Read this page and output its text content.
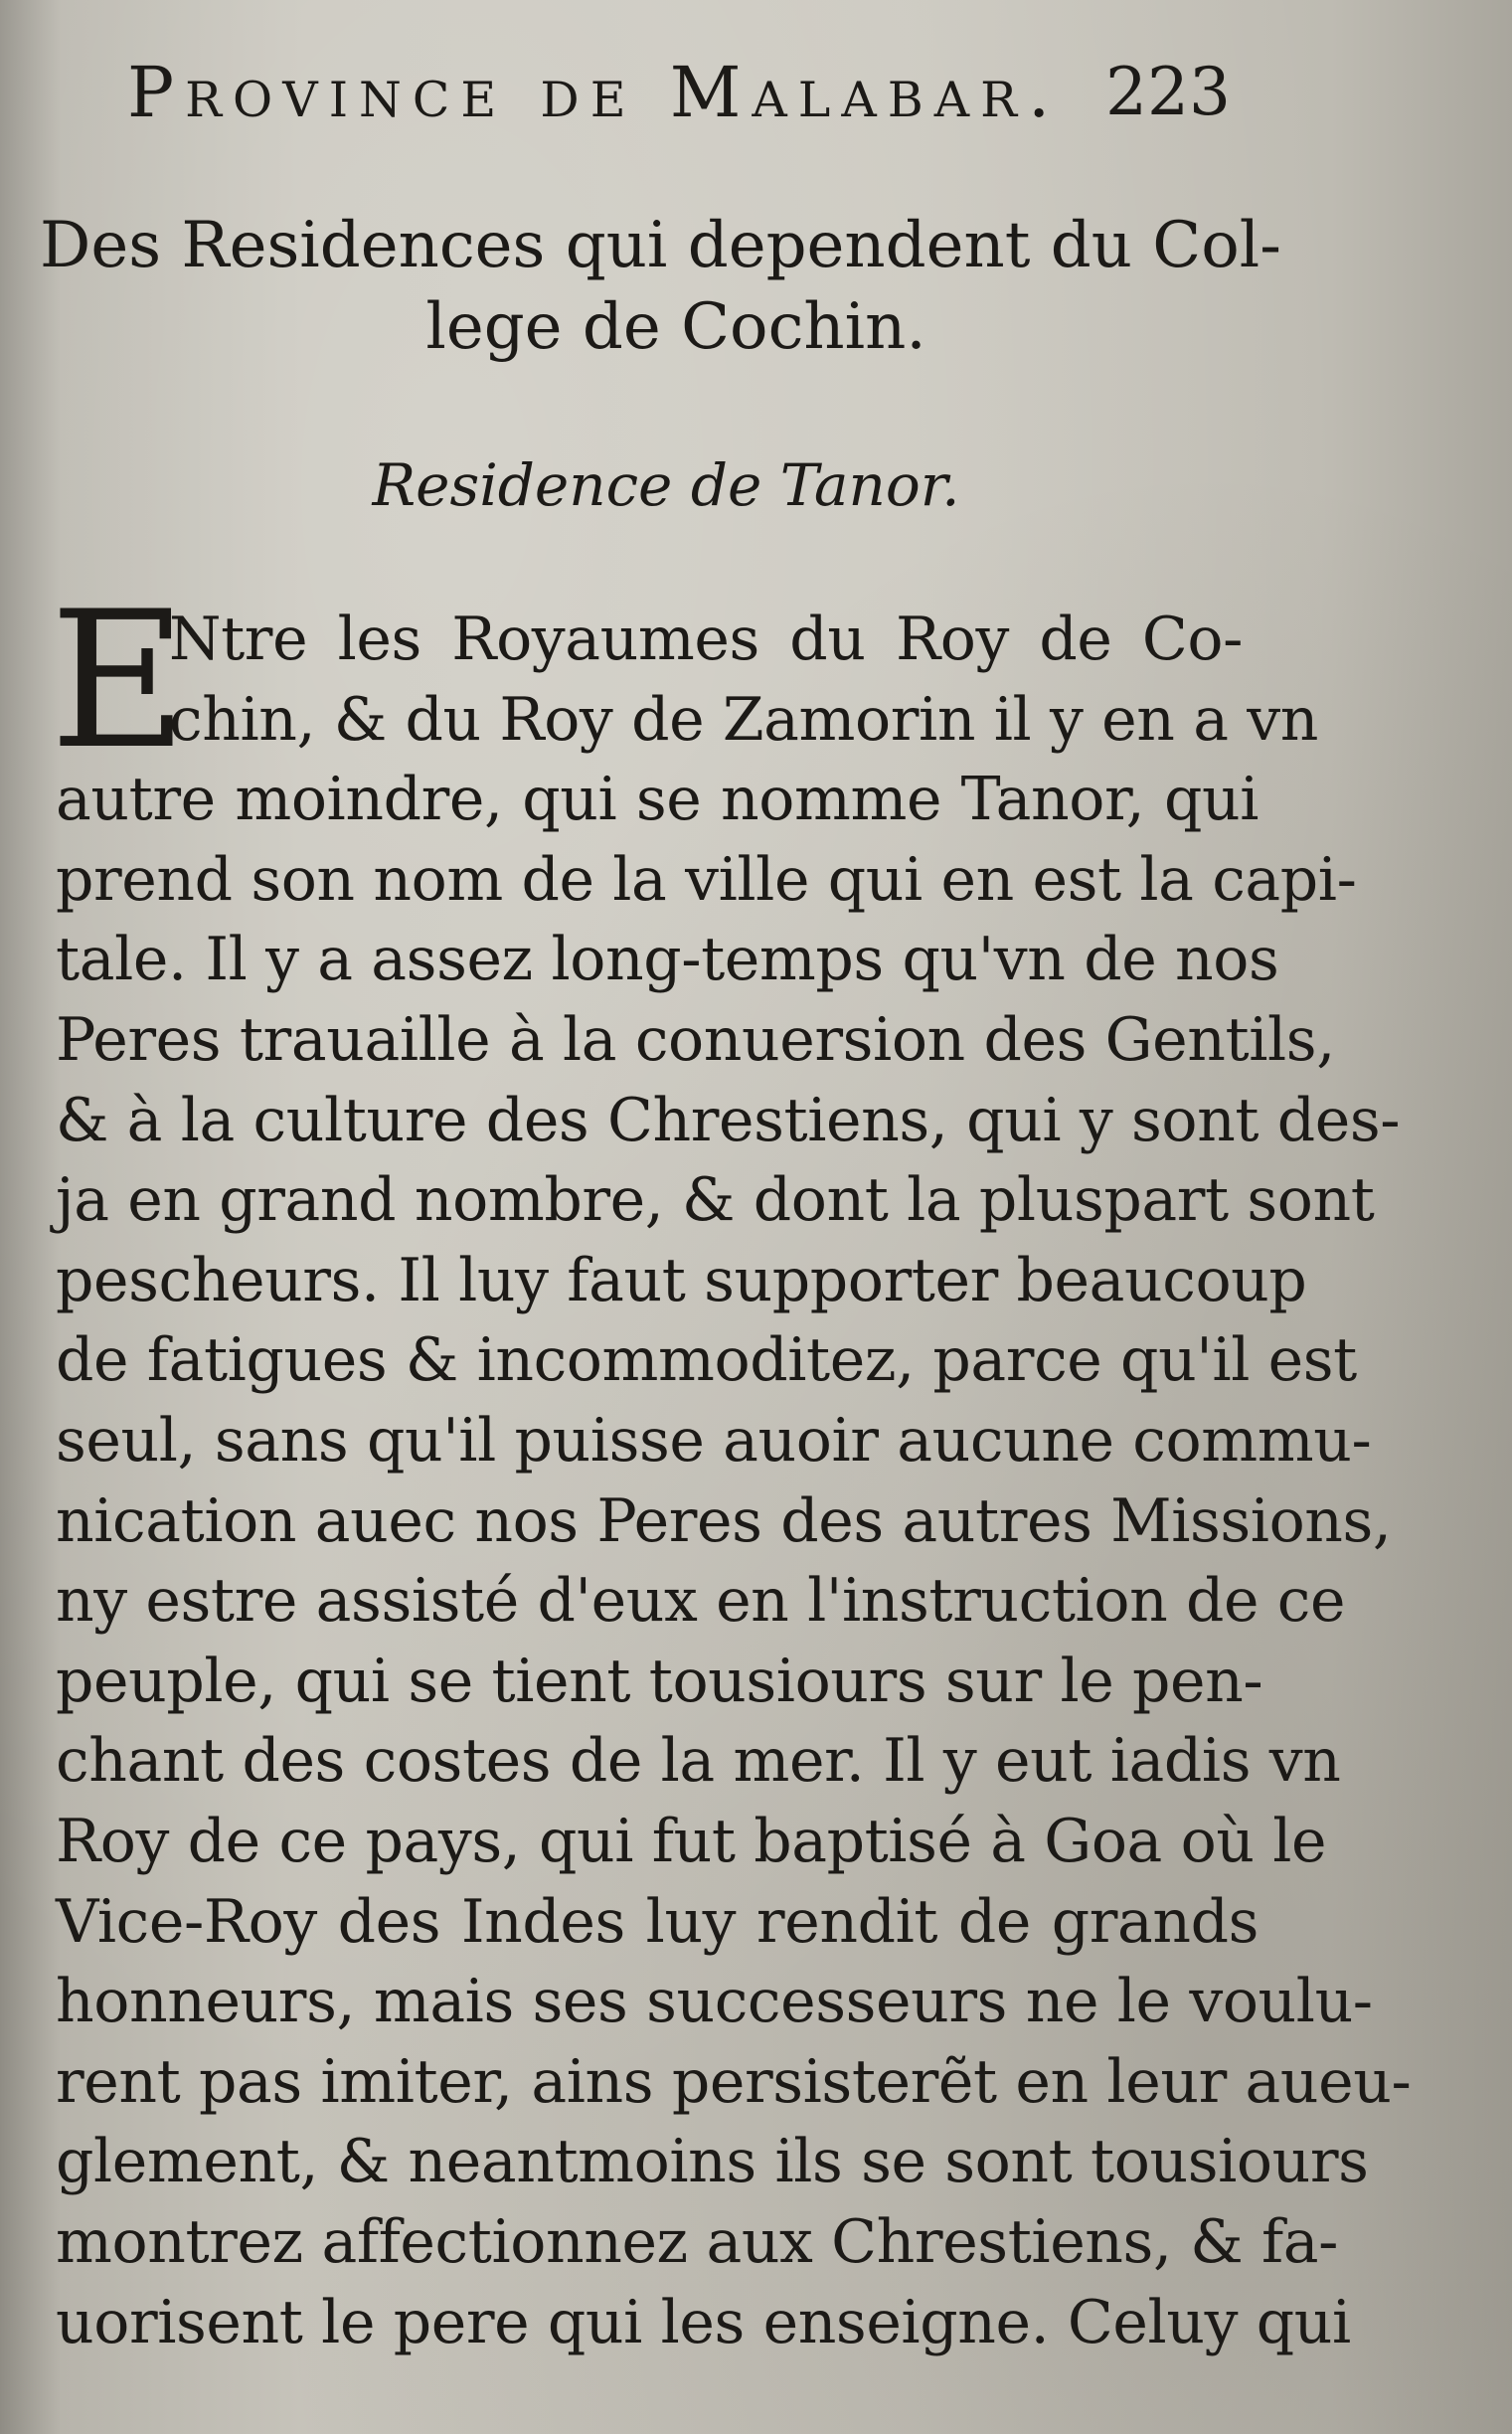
Province de Malabar. 223
Des Residences qui dependent du Col-
lege de Cochin.
Residence de Tanor.
E
Ntre les Royaumes du Roy de Co-
chin, & du Roy de Zamorin il y en a vn
autre moindre, qui se nomme Tanor, qui
prend son nom de la ville qui en est la capi-
tale. Il y a assez long-temps qu'vn de nos
Peres trauaille à la conuersion des Gentils,
& à la culture des Chrestiens, qui y sont des-
ja en grand nombre, & dont la pluspart sont
pescheurs. Il luy faut supporter beaucoup
de fatigues & incommoditez, parce qu'il est
seul, sans qu'il puisse auoir aucune commu-
nication auec nos Peres des autres Missions,
ny estre assisté d'eux en l'instruction de ce
peuple, qui se tient tousiours sur le pen-
chant des costes de la mer. Il y eut iadis vn
Roy de ce pays, qui fut baptisé à Goa où le
Vice-Roy des Indes luy rendit de grands
honneurs, mais ses successeurs ne le voulu-
rent pas imiter, ains persisterẽt en leur aueu-
glement, & neantmoins ils se sont tousiours
montrez affectionnez aux Chrestiens, & fa-
uorisent le pere qui les enseigne. Celuy qui
